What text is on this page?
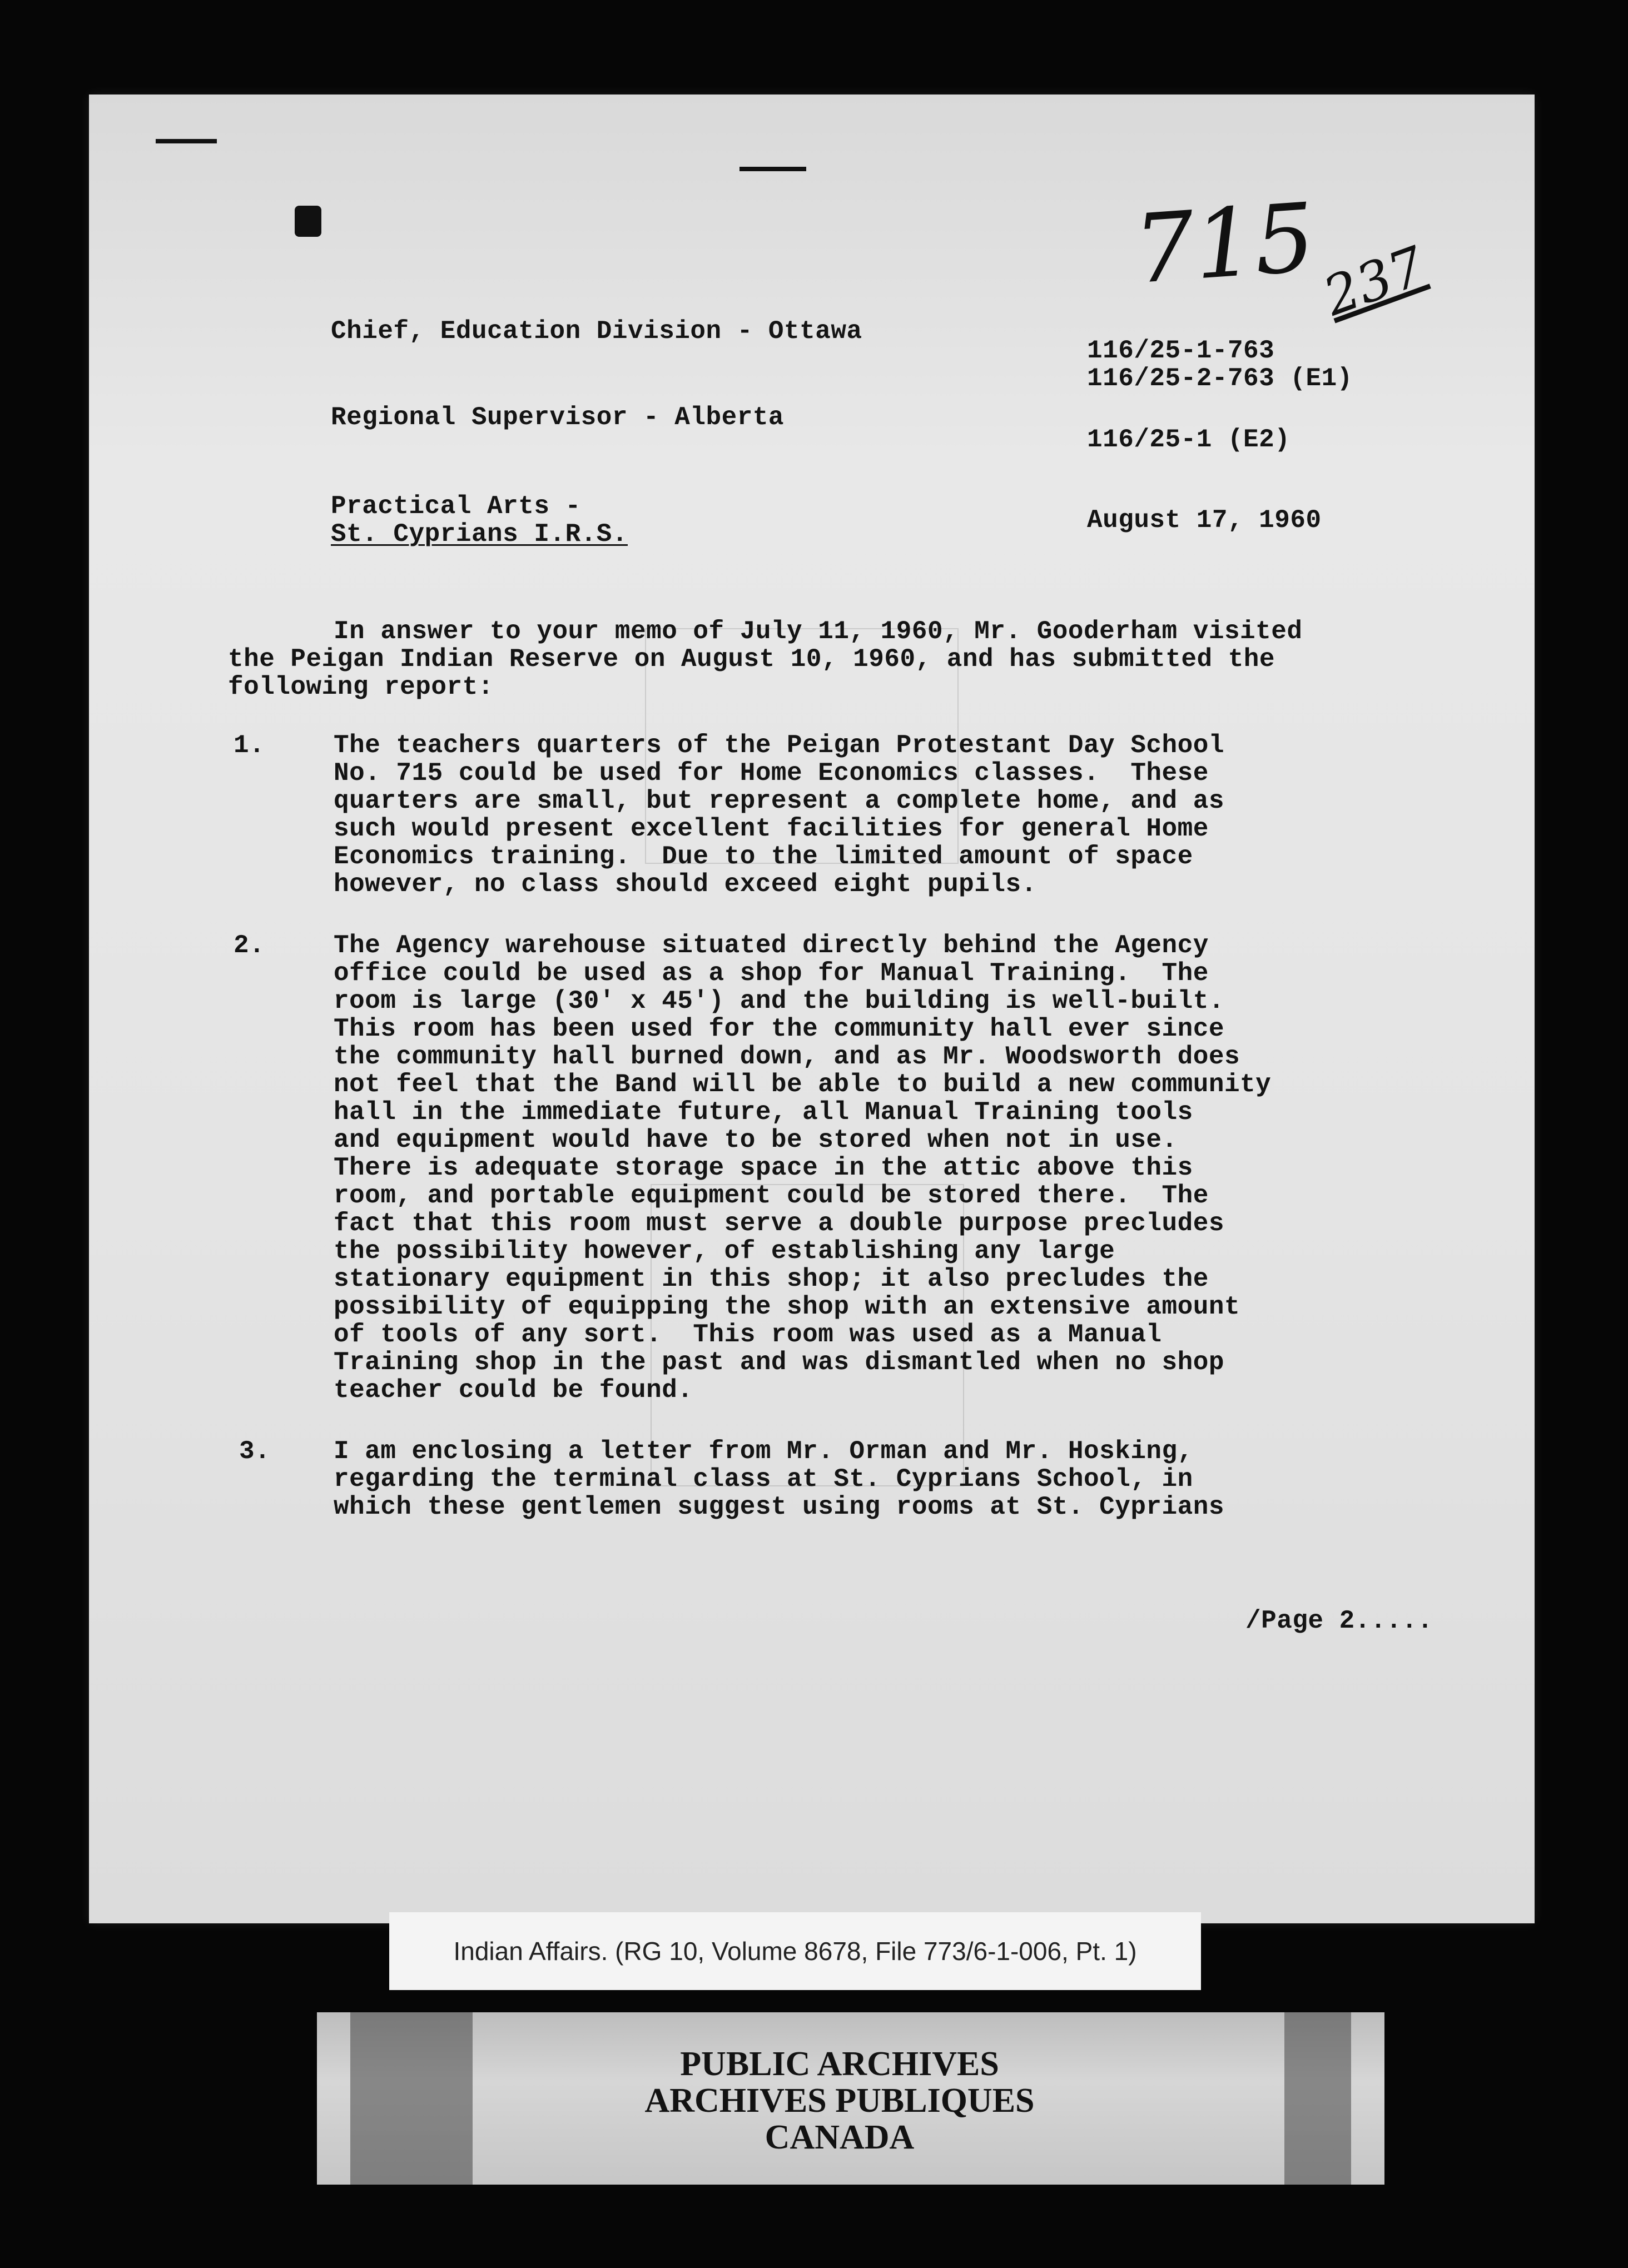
715
237
Chief, Education Division - Ottawa
Regional Supervisor - Alberta
Practical Arts -
St. Cyprians I.R.S.
116/25-1-763
116/25-2-763 (E1)
116/25-1 (E2)
August 17, 1960
In answer to your memo of July 11, 1960, Mr. Gooderham visited
the Peigan Indian Reserve on August 10, 1960, and has submitted the
following report:
1.	The teachers quarters of the Peigan Protestant Day School
No. 715 could be used for Home Economics classes.  These
quarters are small, but represent a complete home, and as
such would present excellent facilities for general Home
Economics training.  Due to the limited amount of space
however, no class should exceed eight pupils.
2.	The Agency warehouse situated directly behind the Agency
office could be used as a shop for Manual Training.  The
room is large (30' x 45') and the building is well-built.
This room has been used for the community hall ever since
the community hall burned down, and as Mr. Woodsworth does
not feel that the Band will be able to build a new community
hall in the immediate future, all Manual Training tools
and equipment would have to be stored when not in use.
There is adequate storage space in the attic above this
room, and portable equipment could be stored there.  The
fact that this room must serve a double purpose precludes
the possibility however, of establishing any large
stationary equipment in this shop; it also precludes the
possibility of equipping the shop with an extensive amount
of tools of any sort.  This room was used as a Manual
Training shop in the past and was dismantled when no shop
teacher could be found.
3. I am enclosing a letter from Mr. Orman and Mr. Hosking,
regarding the terminal class at St. Cyprians School, in
which these gentlemen suggest using rooms at St. Cyprians
/Page 2.....
Indian Affairs. (RG 10, Volume 8678, File 773/6-1-006, Pt. 1)
PUBLIC ARCHIVES
ARCHIVES PUBLIQUES
CANADA
